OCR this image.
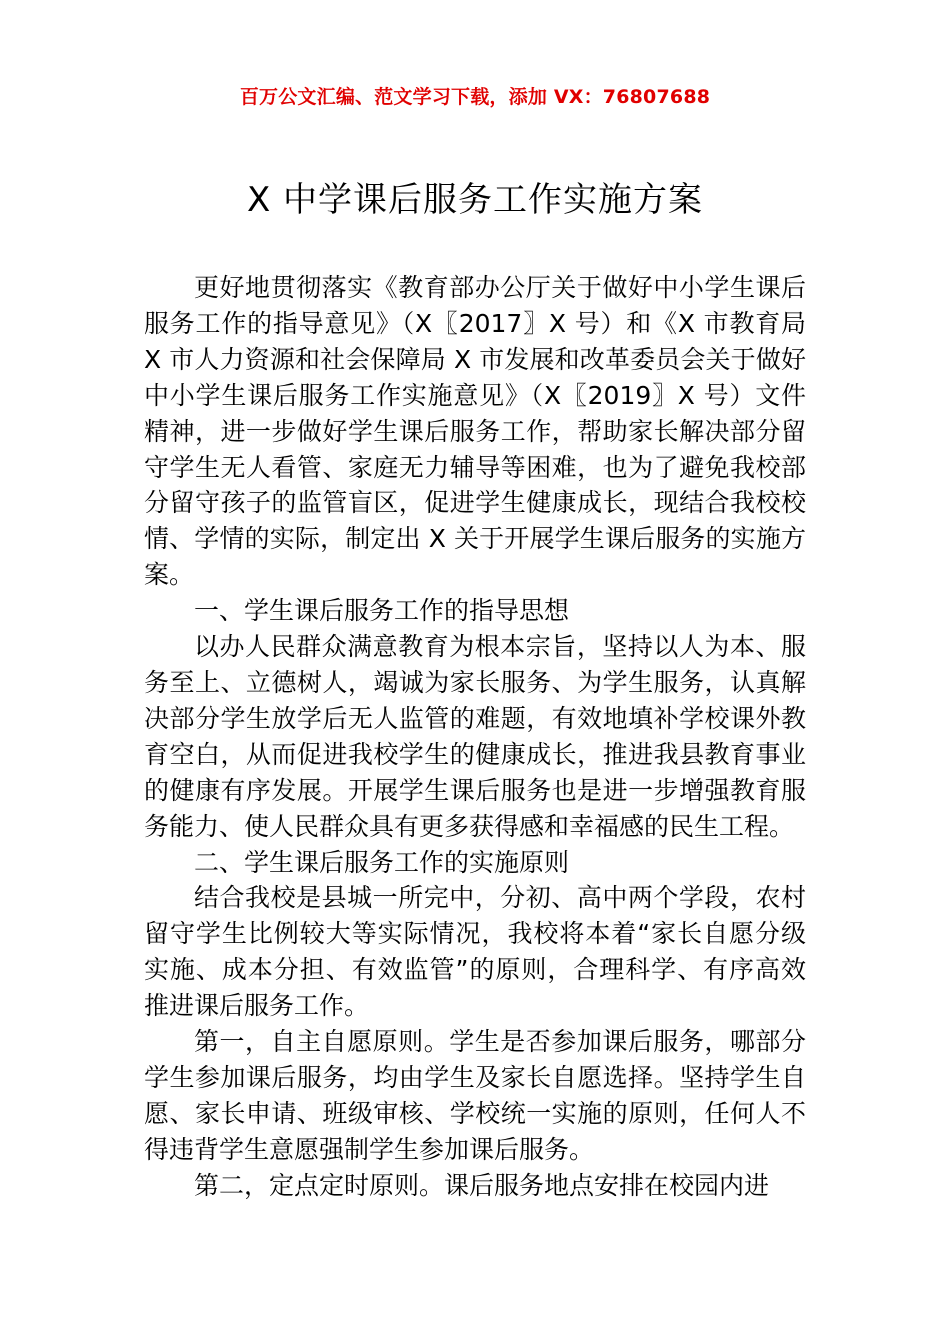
百万公文汇编、范文学习下载，添加 VX：76807688
X 中学课后服务工作实施方案

更好地贯彻落实《教育部办公厅关于做好中小学生课后服务工作的指导意见》（X〖2017〗X 号）和《X 市教育局 X 市人力资源和社会保障局 X 市发展和改革委员会关于做好中小学生课后服务工作实施意见》（X〖2019〗X 号）文件精神，进一步做好学生课后服务工作，帮助家长解决部分留守学生无人看管、家庭无力辅导等困难，也为了避免我校部分留守孩子的监管盲区，促进学生健康成长，现结合我校校情、学情的实际，制定出 X 关于开展学生课后服务的实施方案。

一、学生课后服务工作的指导思想

以办人民群众满意教育为根本宗旨，坚持以人为本、服务至上、立德树人，竭诚为家长服务、为学生服务，认真解决部分学生放学后无人监管的难题，有效地填补学校课外教育空白，从而促进我校学生的健康成长，推进我县教育事业的健康有序发展。开展学生课后服务也是进一步增强教育服务能力、使人民群众具有更多获得感和幸福感的民生工程。

二、学生课后服务工作的实施原则

结合我校是县城一所完中，分初、高中两个学段，农村留守学生比例较大等实际情况，我校将本着“家长自愿分级实施、成本分担、有效监管”的原则，合理科学、有序高效推进课后服务工作。

第一，自主自愿原则。学生是否参加课后服务，哪部分学生参加课后服务，均由学生及家长自愿选择。坚持学生自愿、家长申请、班级审核、学校统一实施的原则，任何人不得违背学生意愿强制学生参加课后服务。

第二，定点定时原则。课后服务地点安排在校园内进
